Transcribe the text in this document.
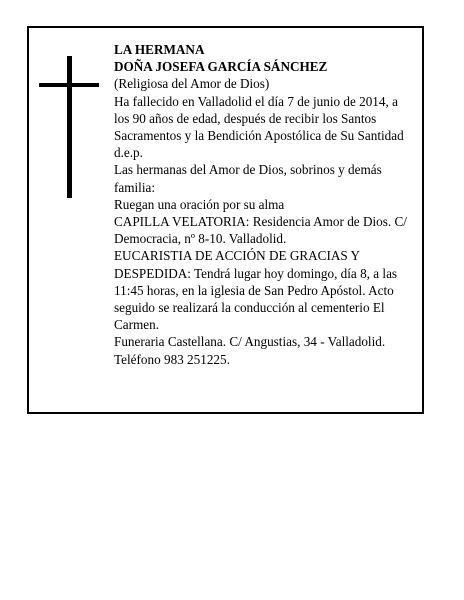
LA HERMANA
DOÑA JOSEFA GARCÍA SÁNCHEZ
(Religiosa del Amor de Dios)
Ha fallecido en Valladolid el día 7 de junio de 2014, a
los 90 años de edad, después de recibir los Santos
Sacramentos y la Bendición Apostólica de Su Santidad
d.e.p.
Las hermanas del Amor de Dios, sobrinos y demás
familia:
Ruegan una oración por su alma
CAPILLA VELATORIA: Residencia Amor de Dios. C/
Democracia, nº 8-10. Valladolid.
EUCARISTIA DE ACCIÓN DE GRACIAS Y
DESPEDIDA: Tendrá lugar hoy domingo, día 8, a las
11:45 horas, en la iglesia de San Pedro Apóstol. Acto
seguido se realizará la conducción al cementerio El
Carmen.
Funeraria Castellana. C/ Angustias, 34 - Valladolid.
Teléfono 983 251225.
